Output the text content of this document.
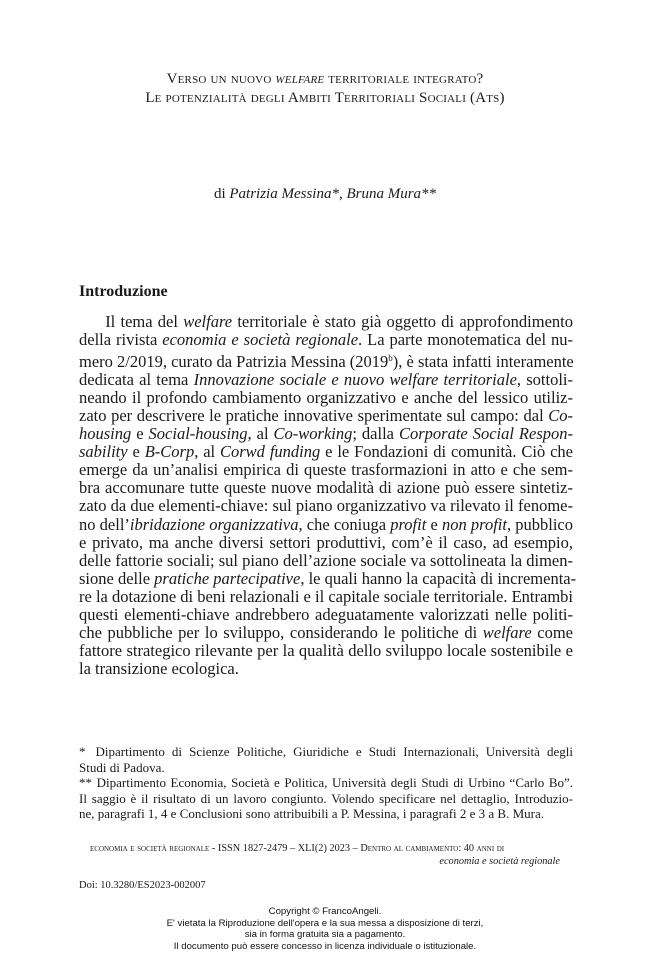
Verso un nuovo welfare territoriale integrato?
Le potenzialità degli Ambiti Territoriali Sociali (Ats)
di Patrizia Messina*, Bruna Mura**
Introduzione
Il tema del welfare territoriale è stato già oggetto di approfondimento
della rivista economia e società regionale. La parte monotematica del nu-
mero 2/2019, curato da Patrizia Messina (2019$^b$), è stata infatti interamente
dedicata al tema Innovazione sociale e nuovo welfare territoriale, sottoli-
neando il profondo cambiamento organizzativo e anche del lessico utiliz-
zato per descrivere le pratiche innovative sperimentate sul campo: dal Co-
housing e Social-housing, al Co-working; dalla Corporate Social Respon-
sability e B-Corp, al Corwd funding e le Fondazioni di comunità. Ciò che
emerge da un’analisi empirica di queste trasformazioni in atto e che sem-
bra accomunare tutte queste nuove modalità di azione può essere sintetiz-
zato da due elementi-chiave: sul piano organizzativo va rilevato il fenome-
no dell’ibridazione organizzativa, che coniuga profit e non profit, pubblico
e privato, ma anche diversi settori produttivi, com’è il caso, ad esempio,
delle fattorie sociali; sul piano dell’azione sociale va sottolineata la dimen-
sione delle pratiche partecipative, le quali hanno la capacità di incrementa-
re la dotazione di beni relazionali e il capitale sociale territoriale. Entrambi
questi elementi-chiave andrebbero adeguatamente valorizzati nelle politi-
che pubbliche per lo sviluppo, considerando le politiche di welfare come
fattore strategico rilevante per la qualità dello sviluppo locale sostenibile e
la transizione ecologica.
* Dipartimento di Scienze Politiche, Giuridiche e Studi Internazionali, Università degli
Studi di Padova.
** Dipartimento Economia, Società e Politica, Università degli Studi di Urbino “Carlo Bo”.
Il saggio è il risultato di un lavoro congiunto. Volendo specificare nel dettaglio, Introduzio-
ne, paragrafi 1, 4 e Conclusioni sono attribuibili a P. Messina, i paragrafi 2 e 3 a B. Mura.
economia e società regionale - ISSN 1827-2479 – XLI(2) 2023 – Dentro al cambiamento: 40 anni di
economia e società regionale
Doi: 10.3280/ES2023-002007
Copyright © FrancoAngeli.
E' vietata la Riproduzione dell'opera e la sua messa a disposizione di terzi,
sia in forma gratuita sia a pagamento.
Il documento può essere concesso in licenza individuale o istituzionale.
